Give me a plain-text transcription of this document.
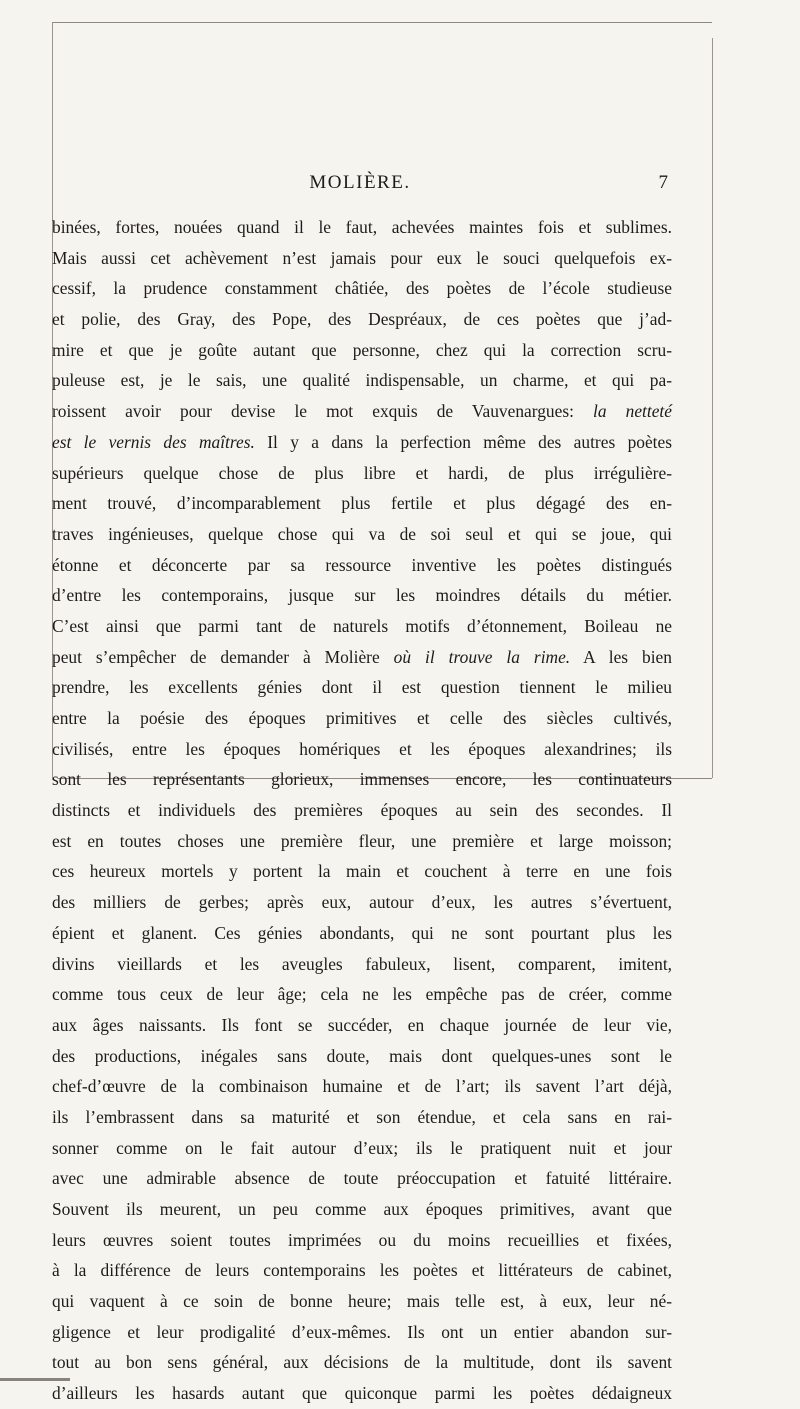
MOLIÈRE.	7
binées, fortes, nouées quand il le faut, achevées maintes fois et sublimes.
Mais aussi cet achèvement n’est jamais pour eux le souci quelquefois ex-
cessif, la prudence constamment châtiée, des poètes de l’école studieuse
et polie, des Gray, des Pope, des Despréaux, de ces poètes que j’ad-
mire et que je goûte autant que personne, chez qui la correction scru-
puleuse est, je le sais, une qualité indispensable, un charme, et qui pa-
roissent avoir pour devise le mot exquis de Vauvenargues: la netteté
est le vernis des maîtres. Il y a dans la perfection même des autres poètes
supérieurs quelque chose de plus libre et hardi, de plus irrégulière-
ment trouvé, d’incomparablement plus fertile et plus dégagé des en-
traves ingénieuses, quelque chose qui va de soi seul et qui se joue, qui
étonne et déconcerte par sa ressource inventive les poètes distingués
d’entre les contemporains, jusque sur les moindres détails du métier.
C’est ainsi que parmi tant de naturels motifs d’étonnement, Boileau ne
peut s’empêcher de demander à Molière où il trouve la rime. A les bien
prendre, les excellents génies dont il est question tiennent le milieu
entre la poésie des époques primitives et celle des siècles cultivés,
civilisés, entre les époques homériques et les époques alexandrines; ils
sont les représentants glorieux, immenses encore, les continuateurs
distincts et individuels des premières époques au sein des secondes. Il
est en toutes choses une première fleur, une première et large moisson;
ces heureux mortels y portent la main et couchent à terre en une fois
des milliers de gerbes; après eux, autour d’eux, les autres s’évertuent,
épient et glanent. Ces génies abondants, qui ne sont pourtant plus les
divins vieillards et les aveugles fabuleux, lisent, comparent, imitent,
comme tous ceux de leur âge; cela ne les empêche pas de créer, comme
aux âges naissants. Ils font se succéder, en chaque journée de leur vie,
des productions, inégales sans doute, mais dont quelques-unes sont le
chef-d’œuvre de la combinaison humaine et de l’art; ils savent l’art déjà,
ils l’embrassent dans sa maturité et son étendue, et cela sans en rai-
sonner comme on le fait autour d’eux; ils le pratiquent nuit et jour
avec une admirable absence de toute préoccupation et fatuité littéraire.
Souvent ils meurent, un peu comme aux époques primitives, avant que
leurs œuvres soient toutes imprimées ou du moins recueillies et fixées,
à la différence de leurs contemporains les poètes et littérateurs de cabinet,
qui vaquent à ce soin de bonne heure; mais telle est, à eux, leur né-
gligence et leur prodigalité d’eux-mêmes. Ils ont un entier abandon sur-
tout au bon sens général, aux décisions de la multitude, dont ils savent
d’ailleurs les hasards autant que quiconque parmi les poètes dédaigneux
